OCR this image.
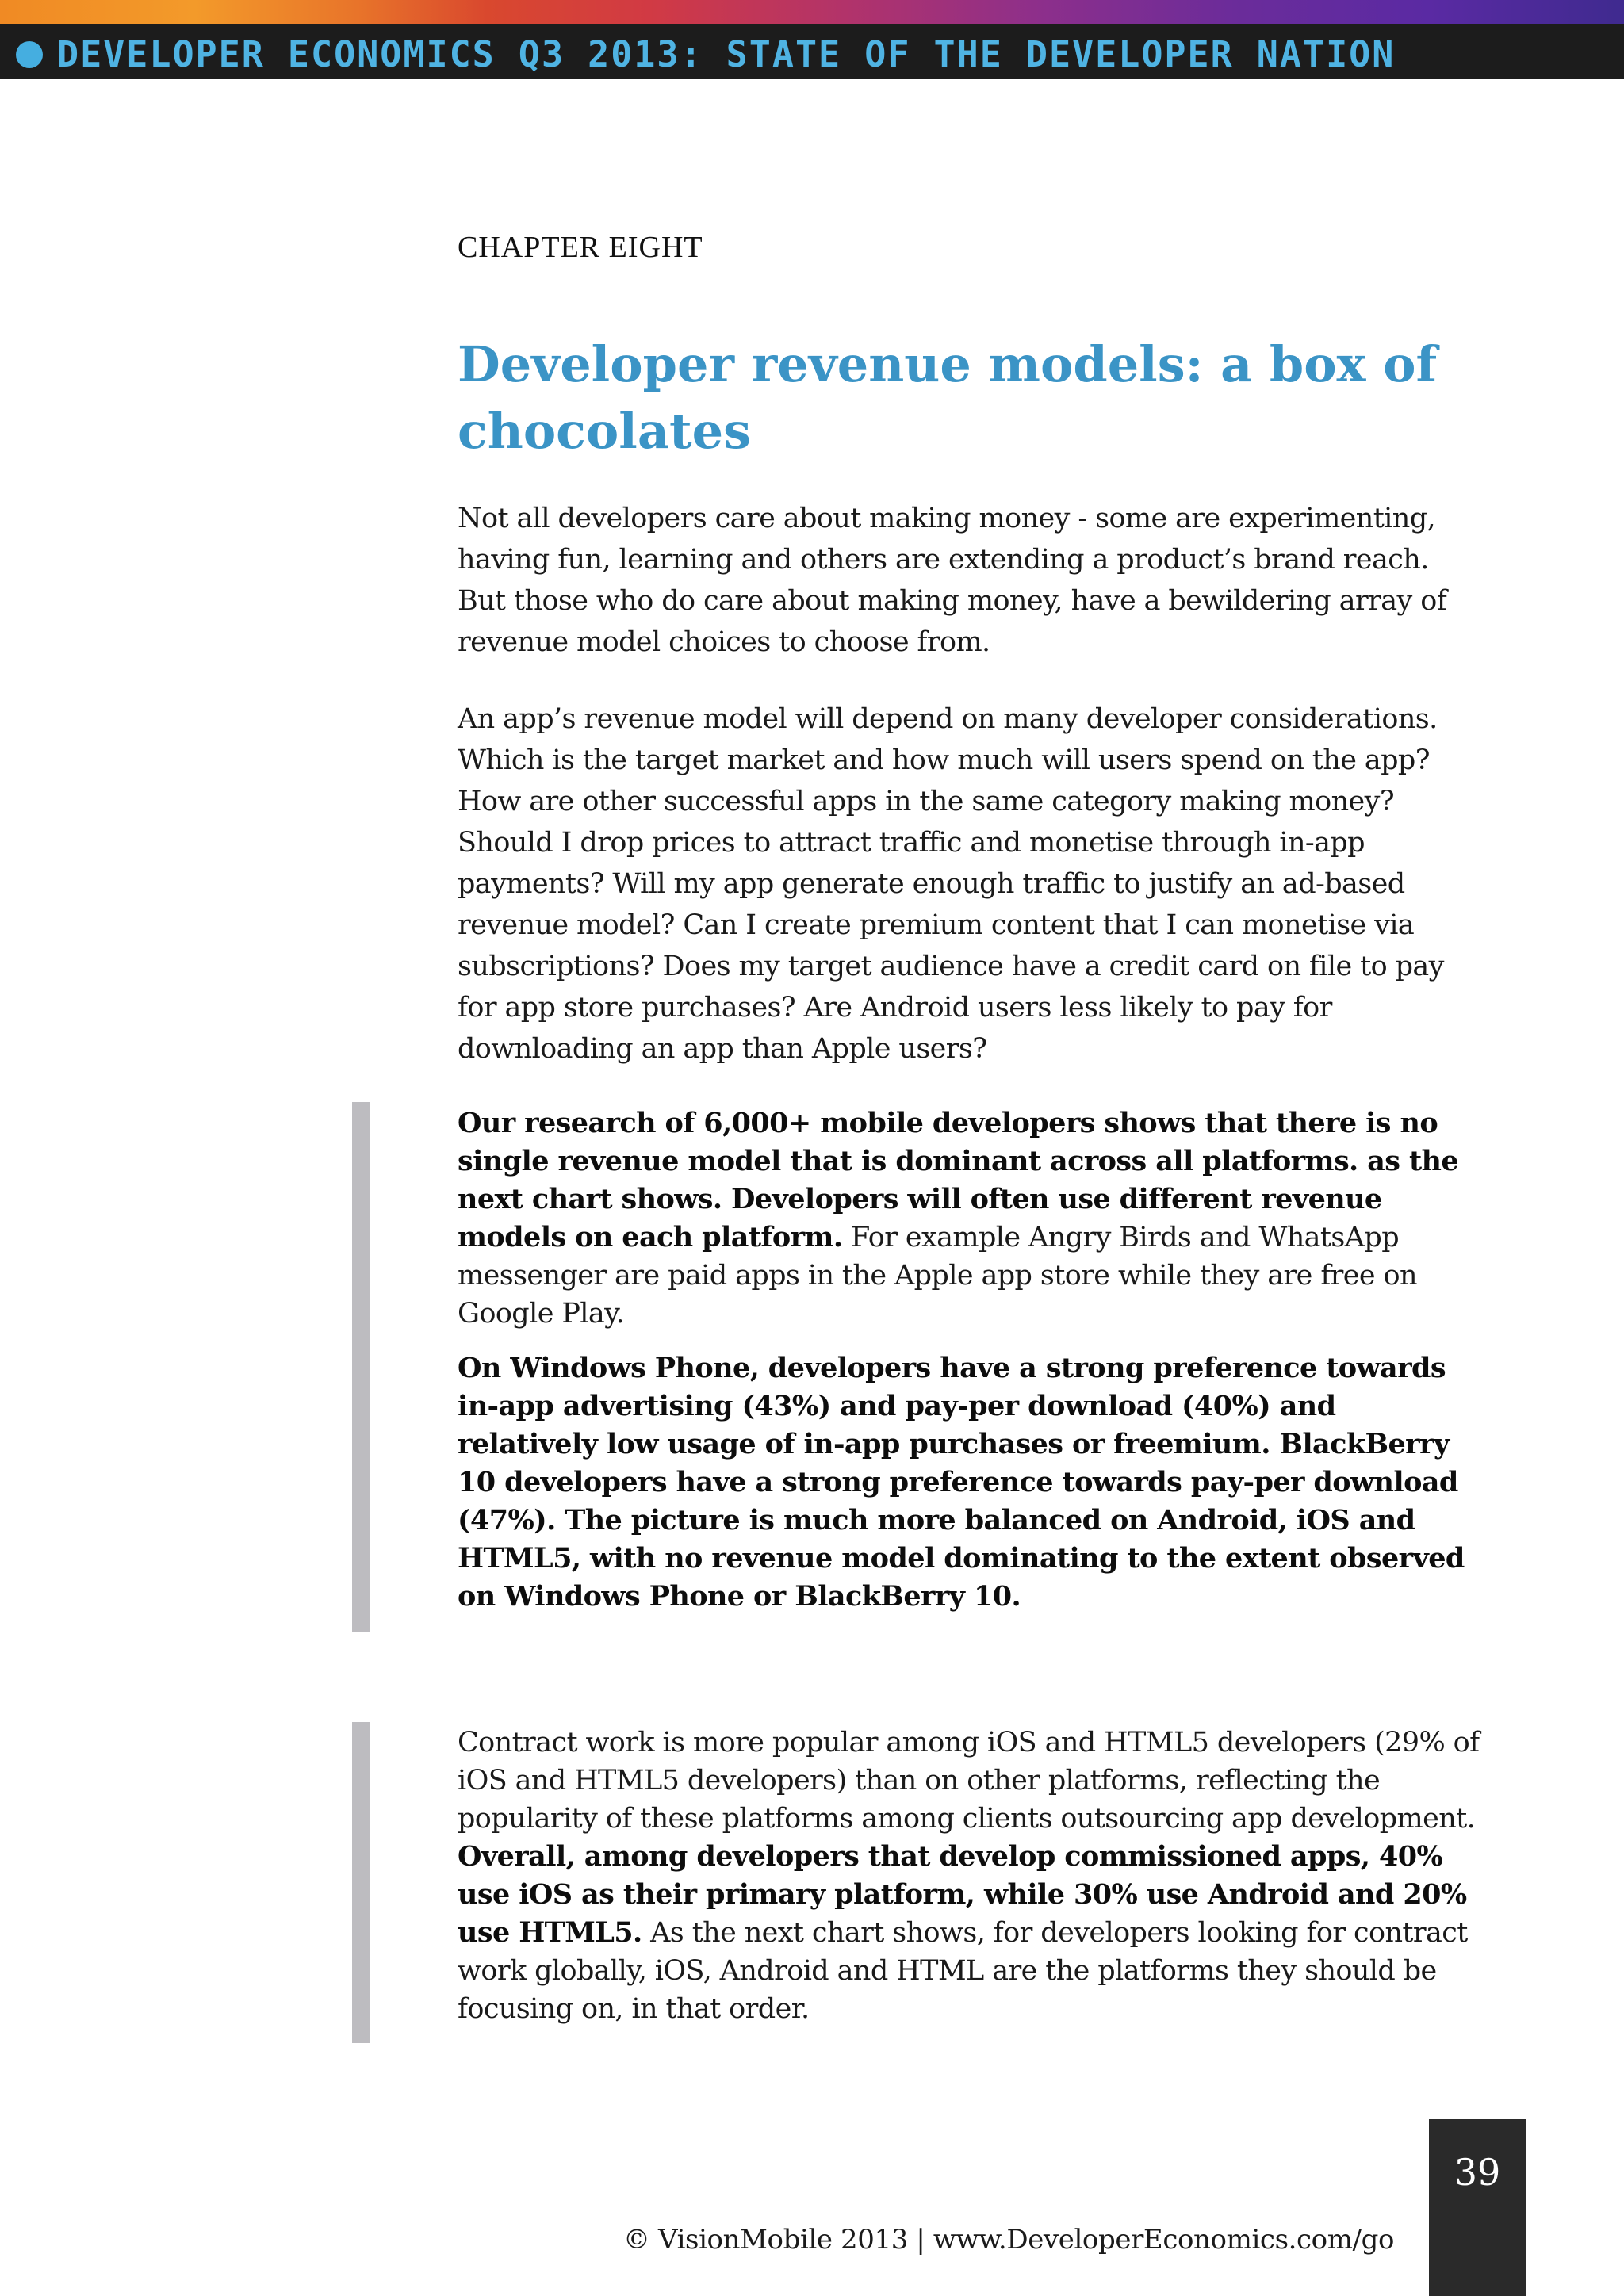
DEVELOPER ECONOMICS Q3 2013: STATE OF THE DEVELOPER NATION
CHAPTER EIGHT
Developer revenue models: a box of chocolates

Not all developers care about making money - some are experimenting, having fun, learning and others are extending a product’s brand reach. But those who do care about making money, have a bewildering array of revenue model choices to choose from.

An app’s revenue model will depend on many developer considerations. Which is the target market and how much will users spend on the app? How are other successful apps in the same category making money? Should I drop prices to attract traffic and monetise through in-app payments? Will my app generate enough traffic to justify an ad-based revenue model? Can I create premium content that I can monetise via subscriptions? Does my target audience have a credit card on file to pay for app store purchases? Are Android users less likely to pay for downloading an app than Apple users?

Our research of 6,000+ mobile developers shows that there is no single revenue model that is dominant across all platforms. as the next chart shows. Developers will often use different revenue models on each platform. For example Angry Birds and WhatsApp messenger are paid apps in the Apple app store while they are free on Google Play.

On Windows Phone, developers have a strong preference towards in-app advertising (43%) and pay-per download (40%) and relatively low usage of in-app purchases or freemium. BlackBerry 10 developers have a strong preference towards pay-per download (47%). The picture is much more balanced on Android, iOS and HTML5, with no revenue model dominating to the extent observed on Windows Phone or BlackBerry 10.

Contract work is more popular among iOS and HTML5 developers (29% of iOS and HTML5 developers) than on other platforms, reflecting the popularity of these platforms among clients outsourcing app development. Overall, among developers that develop commissioned apps, 40% use iOS as their primary platform, while 30% use Android and 20% use HTML5. As the next chart shows, for developers looking for contract work globally, iOS, Android and HTML are the platforms they should be focusing on, in that order.

© VisionMobile 2013 | www.DeveloperEconomics.com/go
39
